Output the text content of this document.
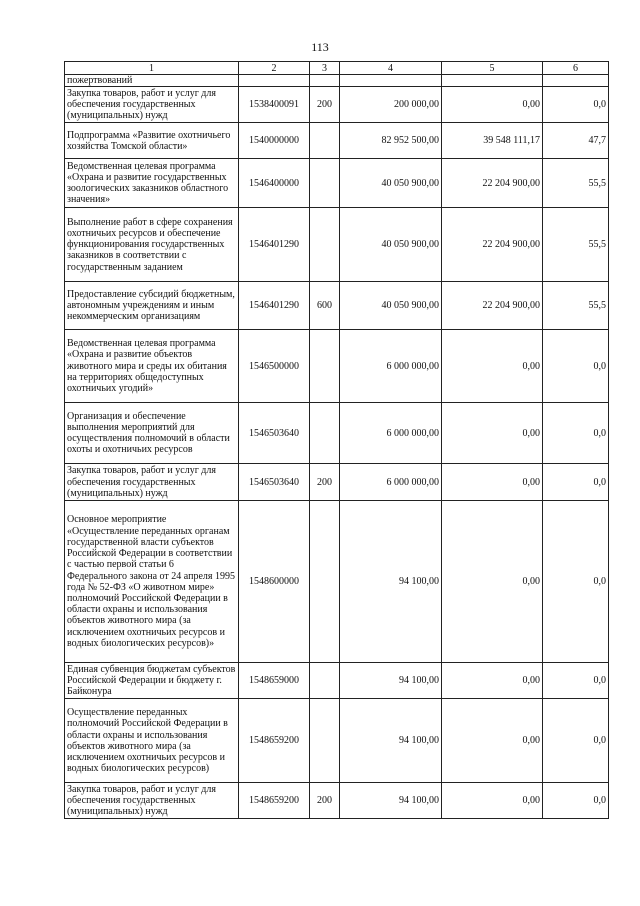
113
1	2	3	4	5	6
пожертвований					
Закупка товаров, работ и услуг для обеспечения государственных (муниципальных) нужд	1538400091	200	200 000,00	0,00	0,0
Подпрограмма «Развитие охотничьего хозяйства Томской области»	1540000000		82 952 500,00	39 548 111,17	47,7
Ведомственная целевая программа «Охрана и развитие государственных зоологических заказников областного значения»	1546400000		40 050 900,00	22 204 900,00	55,5
Выполнение работ в сфере сохранения охотничьих ресурсов и обеспечение функционирования государственных заказников в соответствии с государственным заданием	1546401290		40 050 900,00	22 204 900,00	55,5
Предоставление субсидий бюджетным, автономным учреждениям и иным некоммерческим организациям	1546401290	600	40 050 900,00	22 204 900,00	55,5
Ведомственная целевая программа «Охрана и развитие объектов животного мира и среды их обитания на территориях общедоступных охотничьих угодий»	1546500000		6 000 000,00	0,00	0,0
Организация и обеспечение выполнения мероприятий для осуществления полномочий в области охоты и охотничьих ресурсов	1546503640		6 000 000,00	0,00	0,0
Закупка товаров, работ и услуг для обеспечения государственных (муниципальных) нужд	1546503640	200	6 000 000,00	0,00	0,0
Основное мероприятие «Осуществление переданных органам государственной власти субъектов Российской Федерации в соответствии с частью первой статьи 6 Федерального закона от 24 апреля 1995 года № 52-ФЗ «О животном мире» полномочий Российской Федерации в области охраны и использования объектов животного мира (за исключением охотничьих ресурсов и водных биологических ресурсов)»	1548600000		94 100,00	0,00	0,0
Единая субвенция бюджетам субъектов Российской Федерации и бюджету г. Байконура	1548659000		94 100,00	0,00	0,0
Осуществление переданных полномочий Российской Федерации в области охраны и использования объектов животного мира (за исключением охотничьих ресурсов и водных биологических ресурсов)	1548659200		94 100,00	0,00	0,0
Закупка товаров, работ и услуг для обеспечения государственных (муниципальных) нужд	1548659200	200	94 100,00	0,00	0,0
